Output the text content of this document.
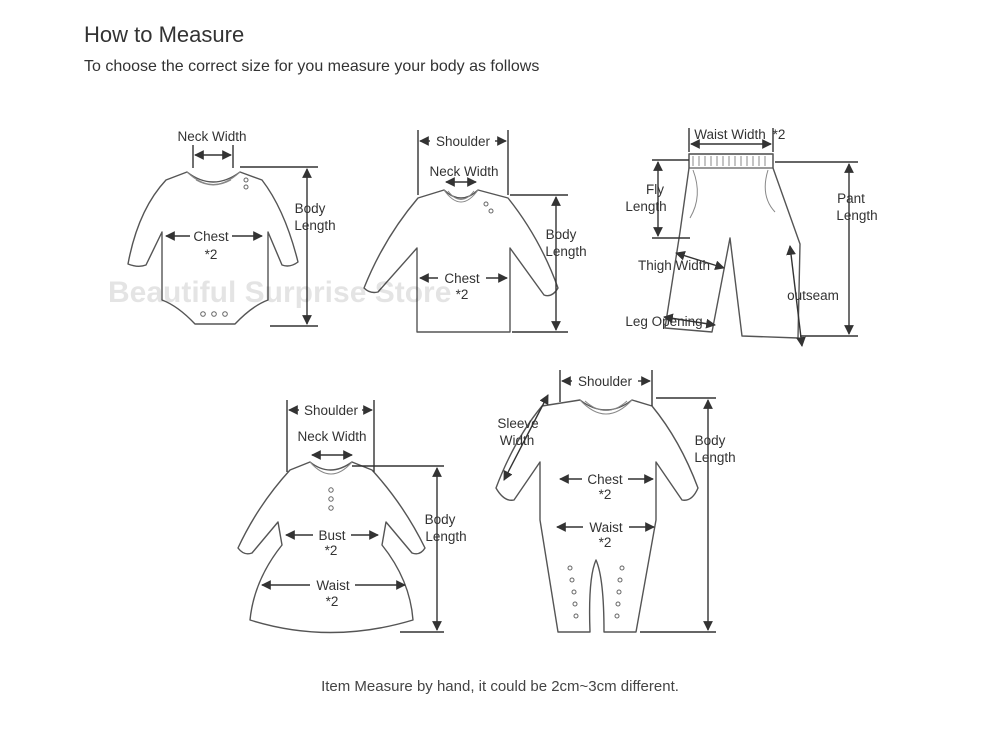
How to Measure
To choose the correct size for you measure your body as follows
Neck Width
Chest
*2
Body
Length
Shoulder
Neck Width
Chest
*2
Body
Length
Waist Width *2
Fly
Length
Thigh Width
Leg Opening
Pant
Length
outseam
Shoulder
Neck Width
Bust
*2
Waist
*2
Body
Length
Shoulder
Sleeve
Width
Chest
*2
Waist
*2
Body
Length
Beautiful Surprise Store
Item Measure by hand, it could be 2cm~3cm different.
